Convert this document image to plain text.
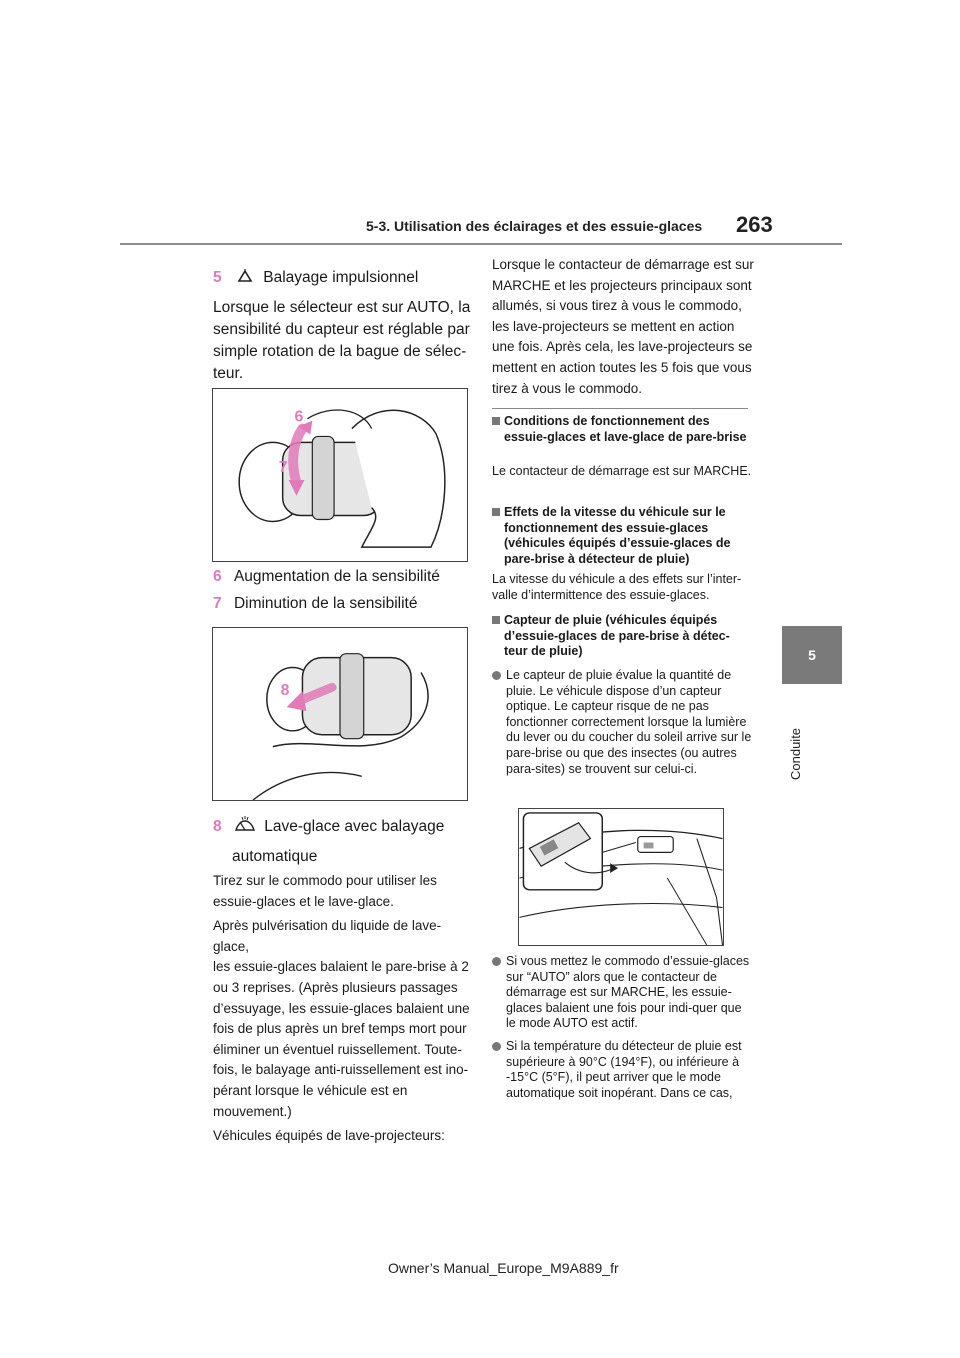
5-3. Utilisation des éclairages et des essuie-glaces 263
5
Conduite
5	Balayage impulsionnel
Lorsque le sélecteur est sur AUTO, la
sensibilité du capteur est réglable par
simple rotation de la bague de sélec-
teur.
6
7
6 Augmentation de la sensibilité
7 Diminution de la sensibilité
8
8	Lave-glace avec balayage
automatique
Tirez sur le commodo pour utiliser les
essuie-glaces et le lave-glace.
Après pulvérisation du liquide de lave-glace,
les essuie-glaces balaient le pare-brise à 2
ou 3 reprises. (Après plusieurs passages
d’essuyage, les essuie-glaces balaient une
fois de plus après un bref temps mort pour
éliminer un éventuel ruissellement. Toute-
fois, le balayage anti-ruissellement est ino-
pérant lorsque le véhicule est en
mouvement.)
Véhicules équipés de lave-projecteurs:
Lorsque le contacteur de démarrage est sur
MARCHE et les projecteurs principaux sont
allumés, si vous tirez à vous le commodo,
les lave-projecteurs se mettent en action
une fois. Après cela, les lave-projecteurs se
mettent en action toutes les 5 fois que vous
tirez à vous le commodo.
Conditions de fonctionnement des essuie-glaces et lave-glace de pare-brise
Le contacteur de démarrage est sur MARCHE.
Effets de la vitesse du véhicule sur le fonctionnement des essuie-glaces (véhicules équipés d’essuie-glaces de pare-brise à détecteur de pluie)
La vitesse du véhicule a des effets sur l’inter-valle d’intermittence des essuie-glaces.
Capteur de pluie (véhicules équipés d’essuie-glaces de pare-brise à détec-teur de pluie)
Le capteur de pluie évalue la quantité de pluie. Le véhicule dispose d’un capteur optique. Le capteur risque de ne pas fonctionner correctement lorsque la lumière du lever ou du coucher du soleil arrive sur le pare-brise ou que des insectes (ou autres para-sites) se trouvent sur celui-ci.
Si vous mettez le commodo d’essuie-glaces sur “AUTO” alors que le contacteur de démarrage est sur MARCHE, les essuie-glaces balaient une fois pour indi-quer que le mode AUTO est actif.
Si la température du détecteur de pluie est supérieure à 90°C (194°F), ou inférieure à -15°C (5°F), il peut arriver que le mode automatique soit inopérant. Dans ce cas,
Owner’s Manual_Europe_M9A889_fr
